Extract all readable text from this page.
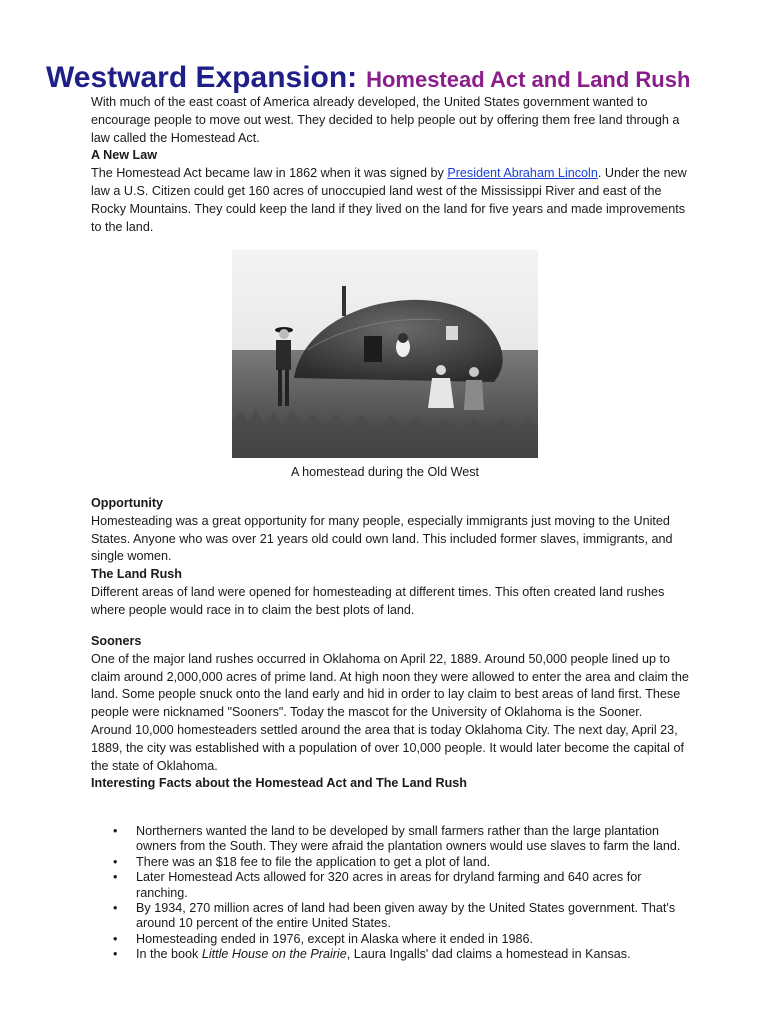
Westward Expansion: Homestead Act and Land Rush

With much of the east coast of America already developed, the United States government wanted to encourage people to move out west. They decided to help people out by offering them free land through a law called the Homestead Act.

A New Law

The Homestead Act became law in 1862 when it was signed by President Abraham Lincoln. Under the new law a U.S. Citizen could get 160 acres of unoccupied land west of the Mississippi River and east of the Rocky Mountains. They could keep the land if they lived on the land for five years and made improvements to the land.

A homestead during the Old West
Opportunity

Homesteading was a great opportunity for many people, especially immigrants just moving to the United States. Anyone who was over 21 years old could own land. This included former slaves, immigrants, and single women.

The Land Rush

Different areas of land were opened for homesteading at different times. This often created land rushes where people would race in to claim the best plots of land.

Sooners

One of the major land rushes occurred in Oklahoma on April 22, 1889. Around 50,000 people lined up to claim around 2,000,000 acres of prime land. At high noon they were allowed to enter the area and claim the land. Some people snuck onto the land early and hid in order to lay claim to best areas of land first. These people were nicknamed "Sooners". Today the mascot for the University of Oklahoma is the Sooner.

Around 10,000 homesteaders settled around the area that is today Oklahoma City. The next day, April 23, 1889, the city was established with a population of over 10,000 people. It would later become the capital of the state of Oklahoma.

Interesting Facts about the Homestead Act and The Land Rush
• Northerners wanted the land to be developed by small farmers rather than the large plantation owners from the South. They were afraid the plantation owners would use slaves to farm the land.
• There was an $18 fee to file the application to get a plot of land.
• Later Homestead Acts allowed for 320 acres in areas for dryland farming and 640 acres for ranching.
• By 1934, 270 million acres of land had been given away by the United States government. That's around 10 percent of the entire United States.
• Homesteading ended in 1976, except in Alaska where it ended in 1986.
• In the book Little House on the Prairie, Laura Ingalls' dad claims a homestead in Kansas.
